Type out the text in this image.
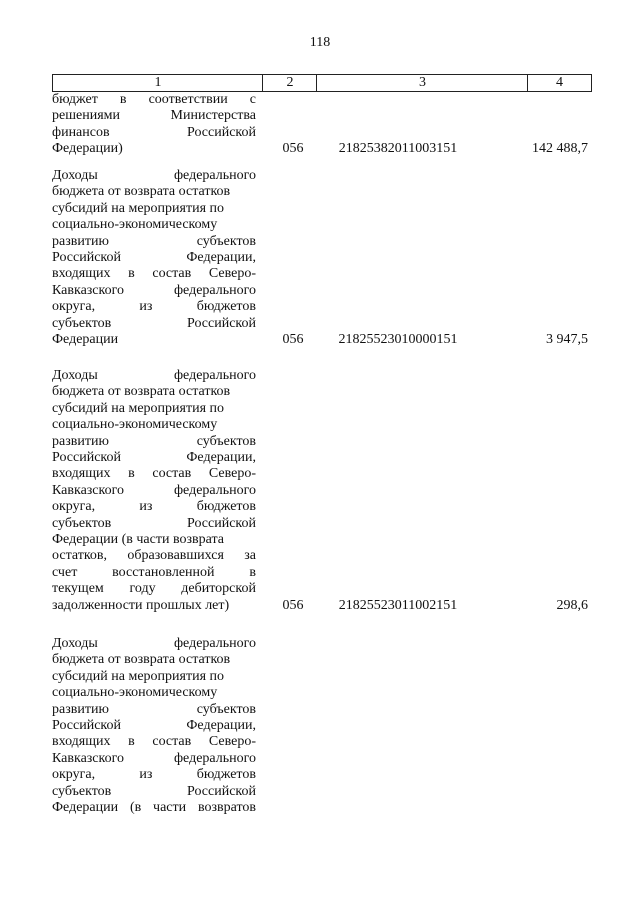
118
1	2	3	4
бюджет в соответствии с
решениями	Министерства
финансов	Российской
Федерации)	056	21825382011003151	142 488,7
Доходы	федерального
бюджета от возврата остатков
субсидий на мероприятия по
социально-экономическому
развитию	субъектов
Российской	Федерации,
входящих в состав Северо-
Кавказского	федерального
округа,	из	бюджетов
субъектов	Российской
Федерации	056	21825523010000151	3 947,5
Доходы	федерального
бюджета от возврата остатков
субсидий на мероприятия по
социально-экономическому
развитию	субъектов
Российской	Федерации,
входящих в состав Северо-
Кавказского	федерального
округа,	из	бюджетов
субъектов	Российской
Федерации (в части возврата
остатков, образовавшихся за
счет восстановленной в
текущем году дебиторской
задолженности прошлых лет)	056	21825523011002151	298,6
Доходы	федерального
бюджета от возврата остатков
субсидий на мероприятия по
социально-экономическому
развитию	субъектов
Российской	Федерации,
входящих в состав Северо-
Кавказского	федерального
округа,	из	бюджетов
субъектов	Российской
Федерации (в части возвратов
